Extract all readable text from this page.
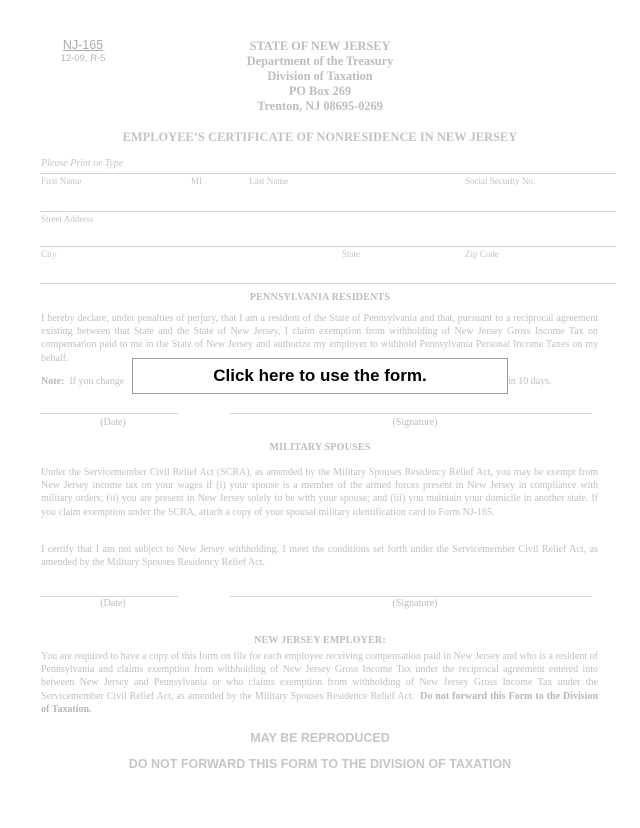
NJ-165
12-09, R-5
STATE OF NEW JERSEY
Department of the Treasury
Division of Taxation
PO Box 269
Trenton, NJ 08695-0269
EMPLOYEE’S CERTIFICATE OF NONRESIDENCE IN NEW JERSEY
Please Print or Type
First Name	MI	Last Name	Social Security No.
Street Address
City	State	Zip Code
PENNSYLVANIA RESIDENTS
I hereby declare, under penalties of perjury, that I am a resident of the State of Pennsylvania and that, pursuant to a reciprocal agreement existing between that State and the State of New Jersey, I claim exemption from withholding of New Jersey Gross Income Tax on compensation paid to me in the State of New Jersey and authorize my employer to withhold Pennsylvania Personal Income Taxes on my behalf.
Note: If you change	in 10 days.
(Date)	(Signature)
Click here to use the form.
MILITARY SPOUSES
Under the Servicemember Civil Relief Act (SCRA), as amended by the Military Spouses Residency Relief Act, you may be exempt from New Jersey income tax on your wages if (i) your spouse is a member of the armed forces present in New Jersey in compliance with military orders; (ii) you are present in New Jersey solely to be with your spouse; and (iii) you maintain your domicile in another state. If you claim exemption under the SCRA, attach a copy of your spousal military identification card to Form NJ-165.
I certify that I am not subject to New Jersey withholding. I meet the conditions set forth under the Servicemember Civil Relief Act, as amended by the Military Spouses Residency Relief Act.
(Date)	(Signature)
NEW JERSEY EMPLOYER:
You are required to have a copy of this form on file for each employee receiving compensation paid in New Jersey and who is a resident of Pennsylvania and claims exemption from withholding of New Jersey Gross Income Tax under the reciprocal agreement entered into between New Jersey and Pennsylvania or who claims exemption from withholding of New Jersey Gross Income Tax under the Servicemember Civil Relief Act, as amended by the Military Spouses Residence Relief Act. Do not forward this Form to the Division of Taxation.
MAY BE REPRODUCED
DO NOT FORWARD THIS FORM TO THE DIVISION OF TAXATION
